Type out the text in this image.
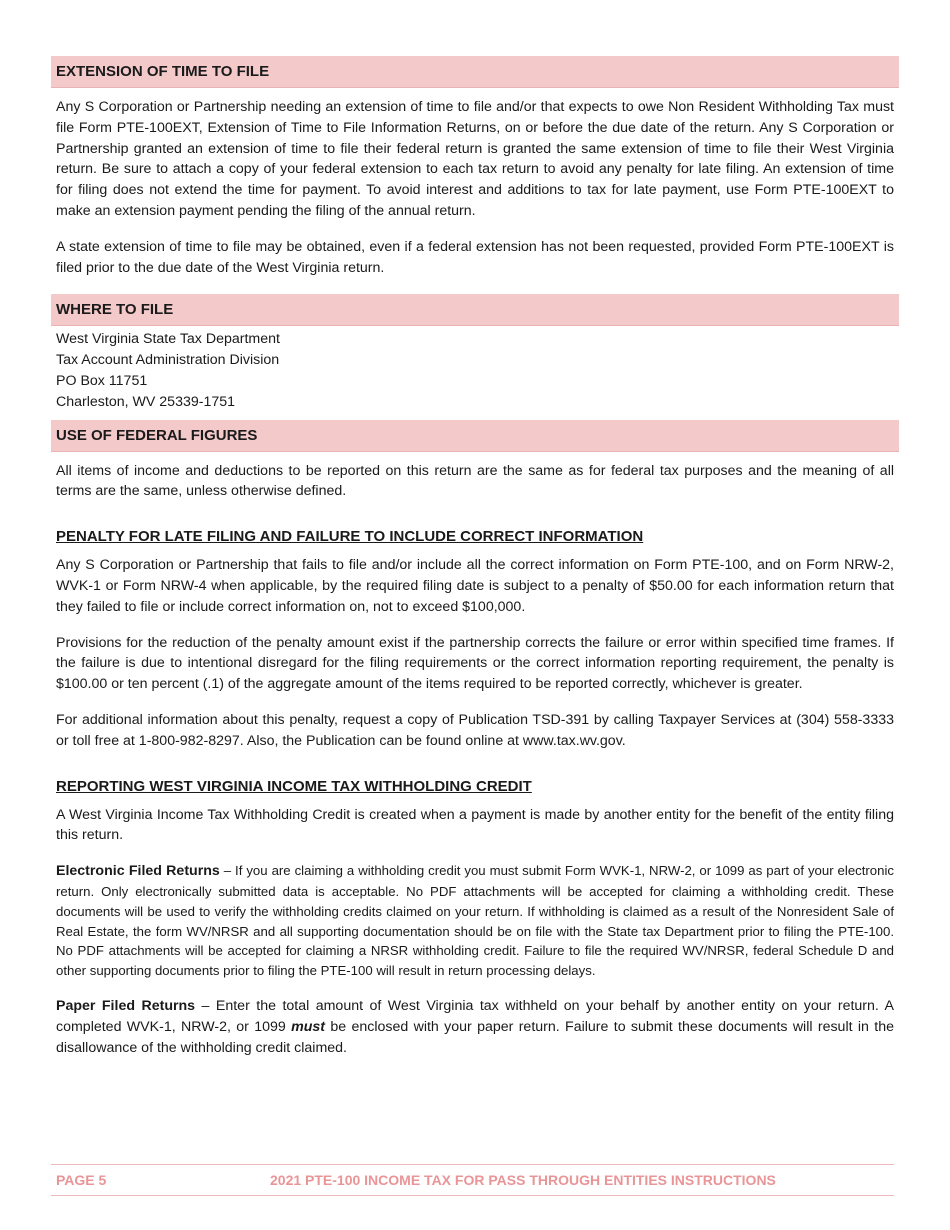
EXTENSION OF TIME TO FILE

Any S Corporation or Partnership needing an extension of time to file and/or that expects to owe Non Resident Withholding Tax must file Form PTE-100EXT, Extension of Time to File Information Returns, on or before the due date of the return. Any S Corporation or Partnership granted an extension of time to file their federal return is granted the same extension of time to file their West Virginia return. Be sure to attach a copy of your federal extension to each tax return to avoid any penalty for late filing. An extension of time for filing does not extend the time for payment. To avoid interest and additions to tax for late payment, use Form PTE-100EXT to make an extension payment pending the filing of the annual return.

A state extension of time to file may be obtained, even if a federal extension has not been requested, provided Form PTE-100EXT is filed prior to the due date of the West Virginia return.

WHERE TO FILE

West Virginia State Tax Department

Tax Account Administration Division

PO Box 11751

Charleston, WV 25339-1751

USE OF FEDERAL FIGURES

All items of income and deductions to be reported on this return are the same as for federal tax purposes and the meaning of all terms are the same, unless otherwise defined.

PENALTY FOR LATE FILING AND FAILURE TO INCLUDE CORRECT INFORMATION

Any S Corporation or Partnership that fails to file and/or include all the correct information on Form PTE-100, and on Form NRW-2, WVK-1 or Form NRW-4 when applicable, by the required filing date is subject to a penalty of $50.00 for each information return that they failed to file or include correct information on, not to exceed $100,000.

Provisions for the reduction of the penalty amount exist if the partnership corrects the failure or error within specified time frames. If the failure is due to intentional disregard for the filing requirements or the correct information reporting requirement, the penalty is $100.00 or ten percent (.1) of the aggregate amount of the items required to be reported correctly, whichever is greater.

For additional information about this penalty, request a copy of Publication TSD-391 by calling Taxpayer Services at (304) 558-3333 or toll free at 1-800-982-8297. Also, the Publication can be found online at www.tax.wv.gov.

REPORTING WEST VIRGINIA INCOME TAX WITHHOLDING CREDIT

A West Virginia Income Tax Withholding Credit is created when a payment is made by another entity for the benefit of the entity filing this return.

Electronic Filed Returns – If you are claiming a withholding credit you must submit Form WVK-1, NRW-2, or 1099 as part of your electronic return. Only electronically submitted data is acceptable. No PDF attachments will be accepted for claiming a withholding credit. These documents will be used to verify the withholding credits claimed on your return. If withholding is claimed as a result of the Nonresident Sale of Real Estate, the form WV/NRSR and all supporting documentation should be on file with the State tax Department prior to filing the PTE-100. No PDF attachments will be accepted for claiming a NRSR withholding credit. Failure to file the required WV/NRSR, federal Schedule D and other supporting documents prior to filing the PTE-100 will result in return processing delays.

Paper Filed Returns – Enter the total amount of West Virginia tax withheld on your behalf by another entity on your return. A completed WVK-1, NRW-2, or 1099 must be enclosed with your paper return. Failure to submit these documents will result in the disallowance of the withholding credit claimed.

PAGE 5	2021 PTE-100 INCOME TAX FOR PASS THROUGH ENTITIES INSTRUCTIONS
